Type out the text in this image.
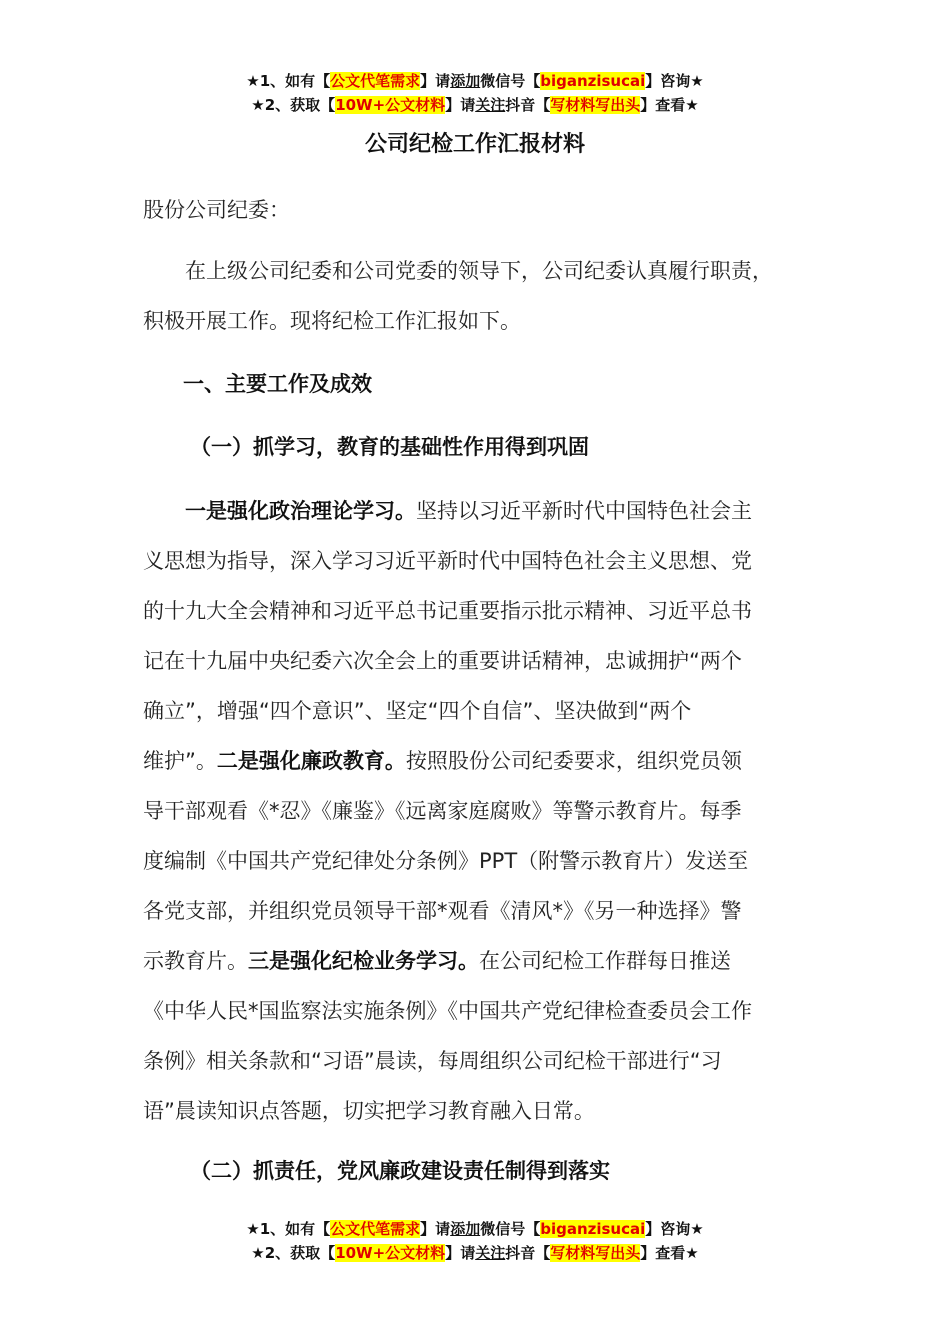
★1、如有【公文代笔需求】请添加微信号【biganzisucai】咨询★
★2、获取【10W+公文材料】请关注抖音【写材料写出头】查看★
公司纪检工作汇报材料
股份公司纪委：
　　在上级公司纪委和公司党委的领导下，公司纪委认真履行职责，
积极开展工作。现将纪检工作汇报如下。
一、主要工作及成效
（一）抓学习，教育的基础性作用得到巩固
　　一是强化政治理论学习。坚持以习近平新时代中国特色社会主
义思想为指导，深入学习习近平新时代中国特色社会主义思想、党
的十九大全会精神和习近平总书记重要指示批示精神、习近平总书
记在十九届中央纪委六次全会上的重要讲话精神，忠诚拥护“两个
确立”，增强“四个意识”、坚定“四个自信”、坚决做到“两个
维护”。二是强化廉政教育。按照股份公司纪委要求，组织党员领
导干部观看《*忍》《廉鉴》《远离家庭腐败》等警示教育片。每季
度编制《中国共产党纪律处分条例》PPT（附警示教育片）发送至
各党支部，并组织党员领导干部*观看《清风*》《另一种选择》警
示教育片。三是强化纪检业务学习。在公司纪检工作群每日推送
《中华人民*国监察法实施条例》《中国共产党纪律检查委员会工作
条例》相关条款和“习语”晨读，每周组织公司纪检干部进行“习
语”晨读知识点答题，切实把学习教育融入日常。
（二）抓责任，党风廉政建设责任制得到落实
★1、如有【公文代笔需求】请添加微信号【biganzisucai】咨询★
★2、获取【10W+公文材料】请关注抖音【写材料写出头】查看★
